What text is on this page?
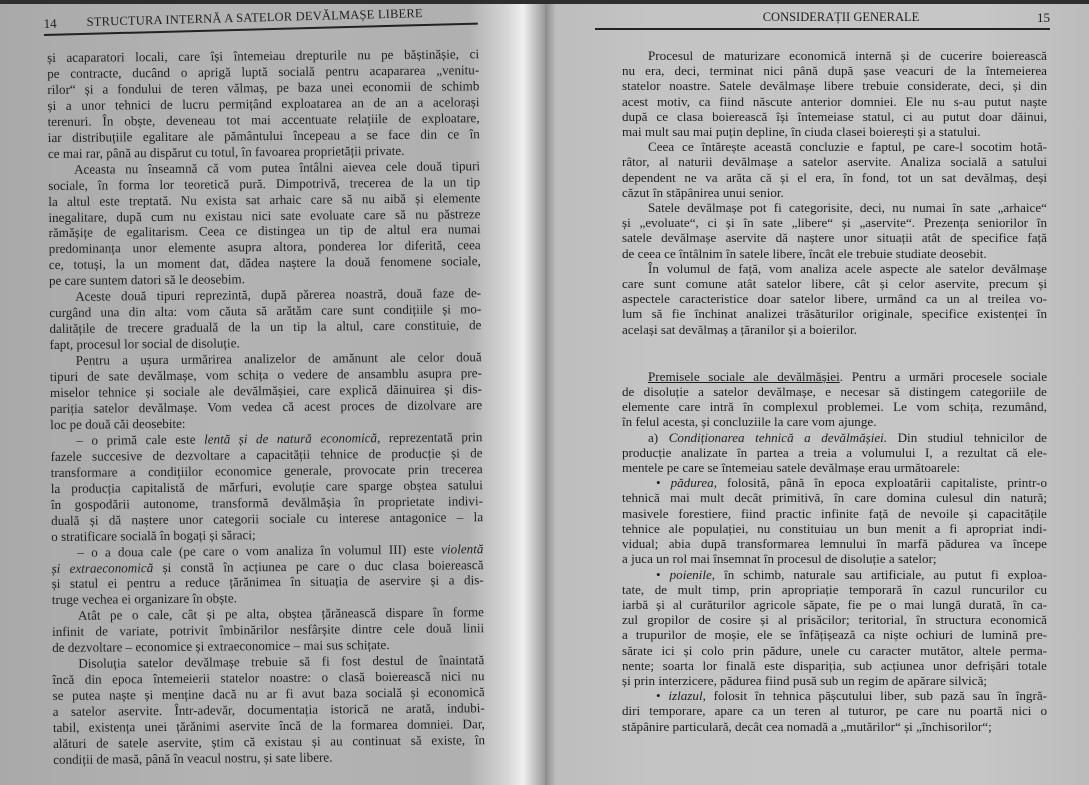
14 STRUCTURA INTERNĂ A SATELOR DEVĂLMAȘE LIBERE
și acaparatori locali, care își întemeiau drepturile nu pe băștinășie, ci
pe contracte, ducând o aprigă luptă socială pentru acapararea „venitu-
rilor“ și a fondului de teren vălmaș, pe baza unei economii de schimb
și a unor tehnici de lucru permițând exploatarea an de an a acelorași
terenuri. În obște, deveneau tot mai accentuate relațiile de exploatare,
iar distribuțiile egalitare ale pământului începeau a se face din ce în
ce mai rar, până au dispărut cu totul, în favoarea proprietății private.
Aceasta nu înseamnă că vom putea întâlni aievea cele două tipuri
sociale, în forma lor teoretică pură. Dimpotrivă, trecerea de la un tip
la altul este treptată. Nu exista sat arhaic care să nu aibă și elemente
inegalitare, după cum nu existau nici sate evoluate care să nu păstreze
rămășițe de egalitarism. Ceea ce distingea un tip de altul era numai
predominanța unor elemente asupra altora, ponderea lor diferită, ceea
ce, totuși, la un moment dat, dădea naștere la două fenomene sociale,
pe care suntem datori să le deosebim.
Aceste două tipuri reprezintă, după părerea noastră, două faze de-
curgând una din alta: vom căuta să arătăm care sunt condițiile și mo-
dalitățile de trecere graduală de la un tip la altul, care constituie, de
fapt, procesul lor social de disoluție.
Pentru a ușura urmărirea analizelor de amănunt ale celor două
tipuri de sate devălmașe, vom schița o vedere de ansamblu asupra pre-
miselor tehnice și sociale ale devălmășiei, care explică dăinuirea și dis-
pariția satelor devălmașe. Vom vedea că acest proces de dizolvare are
loc pe două căi deosebite:
– o primă cale este lentă și de natură economică, reprezentată prin
fazele succesive de dezvoltare a capacității tehnice de producție și de
transformare a condițiilor economice generale, provocate prin trecerea
la producția capitalistă de mărfuri, evoluție care sparge obștea satului
în gospodării autonome, transformă devălmășia în proprietate indivi-
duală și dă naștere unor categorii sociale cu interese antagonice – la
o stratificare socială în bogați și săraci;
– o a doua cale (pe care o vom analiza în volumul III) este violentă
și extraeconomică și constă în acțiunea pe care o duc clasa boierească
și statul ei pentru a reduce țărănimea în situația de aservire și a dis-
truge vechea ei organizare în obște.
Atât pe o cale, cât și pe alta, obștea țărănească dispare în forme
infinit de variate, potrivit îmbinărilor nesfârșite dintre cele două linii
de dezvoltare – economice și extraeconomice – mai sus schițate.
Disoluția satelor devălmașe trebuie să fi fost destul de înaintată
încă din epoca întemeierii statelor noastre: o clasă boierească nici nu
se putea naște și menține dacă nu ar fi avut baza socială și economică
a satelor aservite. Într-adevăr, documentația istorică ne arată, indubi-
tabil, existența unei țărănimi aservite încă de la formarea domniei. Dar,
alături de satele aservite, știm că existau și au continuat să existe, în
condiții de masă, până în veacul nostru, și sate libere.
CONSIDERAȚII GENERALE	15
Procesul de maturizare economică internă și de cucerire boierească
nu era, deci, terminat nici până după șase veacuri de la întemeierea
statelor noastre. Satele devălmașe libere trebuie considerate, deci, și din
acest motiv, ca fiind născute anterior domniei. Ele nu s-au putut naște
după ce clasa boierească își întemeiase statul, ci au putut doar dăinui,
mai mult sau mai puțin depline, în ciuda clasei boierești și a statului.
Ceea ce întărește această concluzie e faptul, pe care-l socotim hotă-
râtor, al naturii devălmașe a satelor aservite. Analiza socială a satului
dependent ne va arăta că și el era, în fond, tot un sat devălmaș, deși
căzut în stăpânirea unui senior.
Satele devălmașe pot fi categorisite, deci, nu numai în sate „arhaice“
și „evoluate“, ci și în sate „libere“ și „aservite“. Prezența seniorilor în
satele devălmașe aservite dă naștere unor situații atât de specifice față
de ceea ce întâlnim în satele libere, încât ele trebuie studiate deosebit.
În volumul de față, vom analiza acele aspecte ale satelor devălmașe
care sunt comune atât satelor libere, cât și celor aservite, precum și
aspectele caracteristice doar satelor libere, urmând ca un al treilea vo-
lum să fie închinat analizei trăsăturilor originale, specifice existenței în
același sat devălmaș a țăranilor și a boierilor.
Premisele sociale ale devălmășiei. Pentru a urmări procesele sociale
de disoluție a satelor devălmașe, e necesar să distingem categoriile de
elemente care intră în complexul problemei. Le vom schița, rezumând,
în felul acesta, și concluziile la care vom ajunge.
a) Condiționarea tehnică a devălmășiei. Din studiul tehnicilor de
producție analizate în partea a treia a volumului I, a rezultat că ele-
mentele pe care se întemeiau satele devălmașe erau următoarele:
• pădurea, folosită, până în epoca exploatării capitaliste, printr-o
tehnică mai mult decât primitivă, în care domina culesul din natură;
masivele forestiere, fiind practic infinite față de nevoile și capacitățile
tehnice ale populației, nu constituiau un bun menit a fi apropriat indi-
vidual; abia după transformarea lemnului în marfă pădurea va începe
a juca un rol mai însemnat în procesul de disoluție a satelor;
• poienile, în schimb, naturale sau artificiale, au putut fi exploa-
tate, de mult timp, prin apropriație temporară în cazul runcurilor cu
iarbă și al curăturilor agricole săpate, fie pe o mai lungă durată, în ca-
zul gropilor de cosire și al prisăcilor; teritorial, în structura economică
a trupurilor de moșie, ele se înfățișează ca niște ochiuri de lumină pre-
sărate ici și colo prin pădure, unele cu caracter mutător, altele perma-
nente; soarta lor finală este dispariția, sub acțiunea unor defrișări totale
și prin interzicere, pădurea fiind pusă sub un regim de apărare silvică;
• izlazul, folosit în tehnica pășcutului liber, sub pază sau în îngră-
diri temporare, apare ca un teren al tuturor, pe care nu poartă nici o
stăpânire particulară, decât cea nomadă a „mutărilor“ și „închisorilor“;
